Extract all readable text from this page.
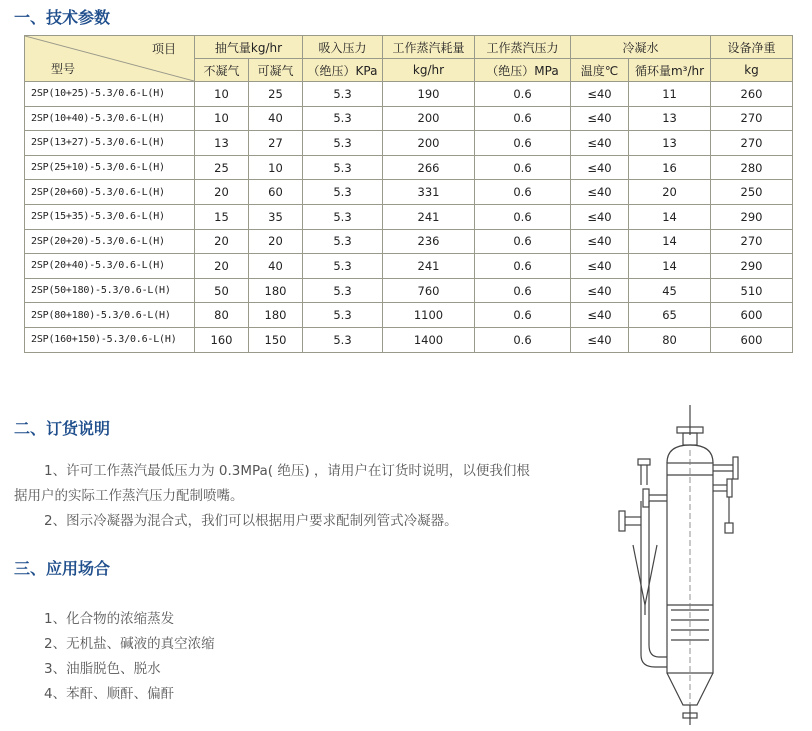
一、技术参数
项目
型号	抽气量kg/hr		吸入压力	工作蒸汽耗量	工作蒸汽压力	冷凝水		设备净重
	不凝气	可凝气	（绝压）KPa	kg/hr	（绝压）MPa	温度℃	循环量m³/hr	kg
2SP(10+25)-5.3/0.6-L(H)	10	25	5.3	190	0.6	≤40	11	260
2SP(10+40)-5.3/0.6-L(H)	10	40	5.3	200	0.6	≤40	13	270
2SP(13+27)-5.3/0.6-L(H)	13	27	5.3	200	0.6	≤40	13	270
2SP(25+10)-5.3/0.6-L(H)	25	10	5.3	266	0.6	≤40	16	280
2SP(20+60)-5.3/0.6-L(H)	20	60	5.3	331	0.6	≤40	20	250
2SP(15+35)-5.3/0.6-L(H)	15	35	5.3	241	0.6	≤40	14	290
2SP(20+20)-5.3/0.6-L(H)	20	20	5.3	236	0.6	≤40	14	270
2SP(20+40)-5.3/0.6-L(H)	20	40	5.3	241	0.6	≤40	14	290
2SP(50+180)-5.3/0.6-L(H)	50	180	5.3	760	0.6	≤40	45	510
2SP(80+180)-5.3/0.6-L(H)	80	180	5.3	1100	0.6	≤40	65	600
2SP(160+150)-5.3/0.6-L(H)	160	150	5.3	1400	0.6	≤40	80	600
二、订货说明

1、许可工作蒸汽最低压力为 0.3MPa( 绝压) ，请用户在订货时说明，以便我们根

据用户的实际工作蒸汽压力配制喷嘴。

2、图示冷凝器为混合式，我们可以根据用户要求配制列管式冷凝器。

三、应用场合

1、化合物的浓缩蒸发

2、无机盐、碱液的真空浓缩

3、油脂脱色、脱水

4、苯酐、顺酐、偏酐
